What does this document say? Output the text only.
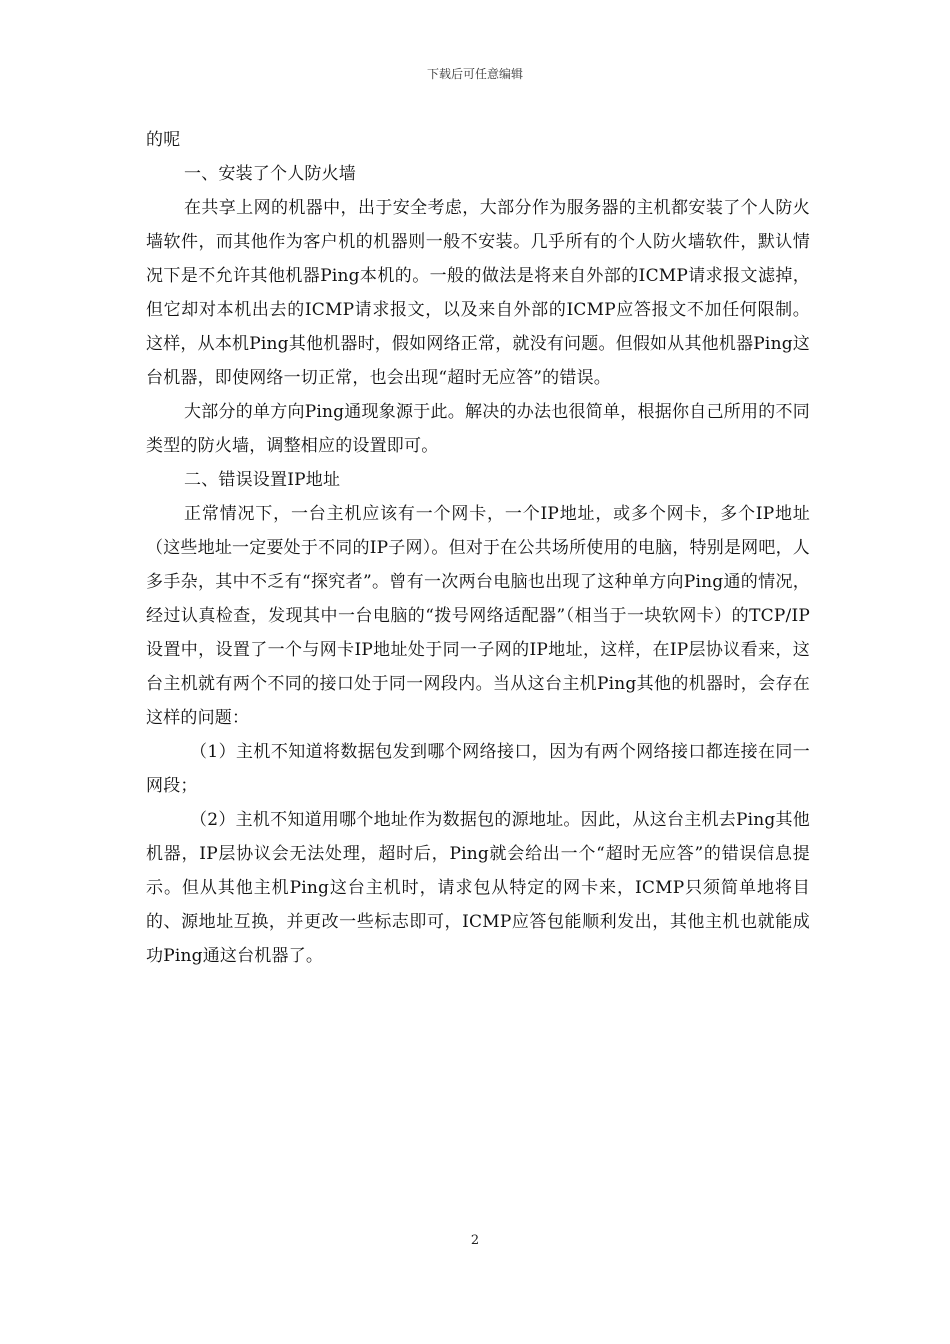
下载后可任意编辑

的呢

一、安装了个人防火墙

在共享上网的机器中，出于安全考虑，大部分作为服务器的主机都安装了个人防火墙软件，而其他作为客户机的机器则一般不安装。几乎所有的个人防火墙软件，默认情况下是不允许其他机器Ping本机的。一般的做法是将来自外部的ICMP请求报文滤掉，但它却对本机出去的ICMP请求报文，以及来自外部的ICMP应答报文不加任何限制。这样，从本机Ping其他机器时，假如网络正常，就没有问题。但假如从其他机器Ping这台机器，即使网络一切正常，也会出现“超时无应答”的错误。

大部分的单方向Ping通现象源于此。解决的办法也很简单，根据你自己所用的不同类型的防火墙，调整相应的设置即可。

二、错误设置IP地址

正常情况下，一台主机应该有一个网卡，一个IP地址，或多个网卡，多个IP地址（这些地址一定要处于不同的IP子网）。但对于在公共场所使用的电脑，特别是网吧，人多手杂，其中不乏有“探究者”。曾有一次两台电脑也出现了这种单方向Ping通的情况，经过认真检查，发现其中一台电脑的“拨号网络适配器”（相当于一块软网卡）的TCP/IP设置中，设置了一个与网卡IP地址处于同一子网的IP地址，这样，在IP层协议看来，这台主机就有两个不同的接口处于同一网段内。当从这台主机Ping其他的机器时，会存在这样的问题：

（1）主机不知道将数据包发到哪个网络接口，因为有两个网络接口都连接在同一网段；

（2）主机不知道用哪个地址作为数据包的源地址。因此，从这台主机去Ping其他机器，IP层协议会无法处理，超时后，Ping就会给出一个“超时无应答”的错误信息提示。但从其他主机Ping这台主机时，请求包从特定的网卡来，ICMP只须简单地将目的、源地址互换，并更改一些标志即可，ICMP应答包能顺利发出，其他主机也就能成功Ping通这台机器了。

2
